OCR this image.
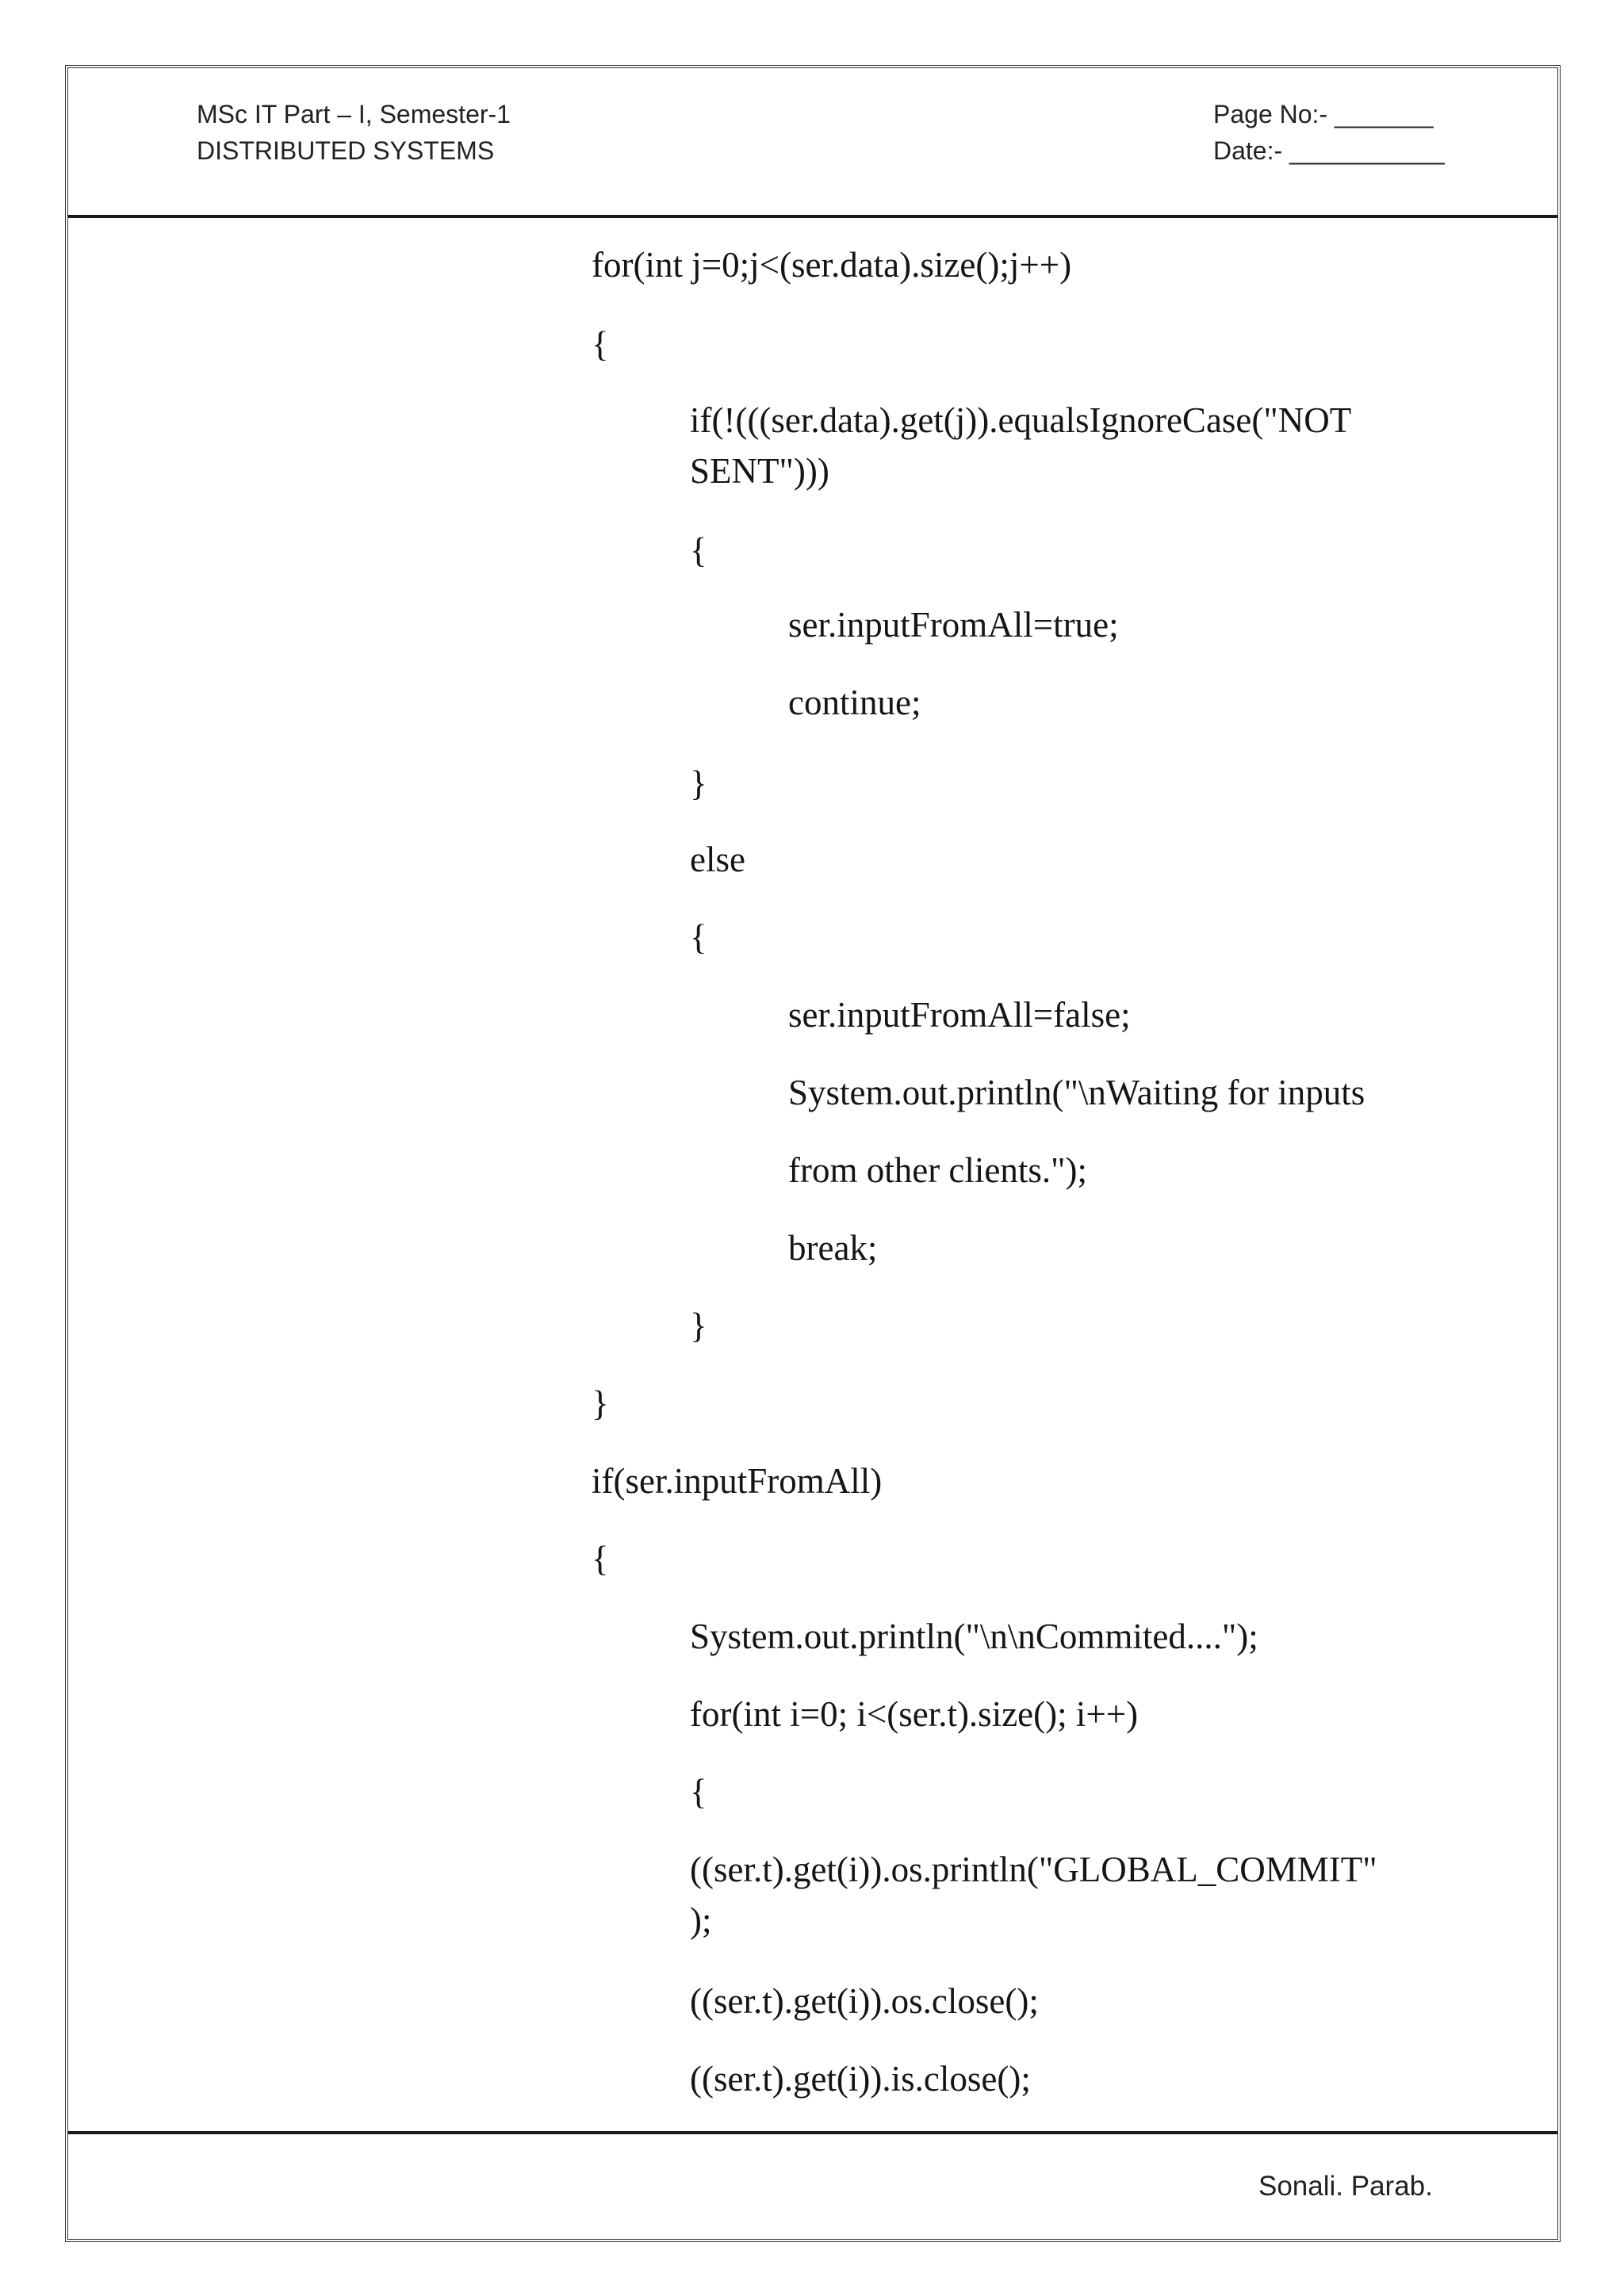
MSc IT Part – I, Semester-1
DISTRIBUTED SYSTEMS
Page No:- _______
Date:- ___________
for(int j=0;j<(ser.data).size();j++)
{
if(!(((ser.data).get(j)).equalsIgnoreCase("NOT
SENT")))
{
ser.inputFromAll=true;
continue;
}
else
{
ser.inputFromAll=false;
System.out.println("\nWaiting for inputs
from other clients.");
break;
}
}
if(ser.inputFromAll)
{
System.out.println("\n\nCommited....");
for(int i=0; i<(ser.t).size(); i++)
{
((ser.t).get(i)).os.println("GLOBAL_COMMIT"
);
((ser.t).get(i)).os.close();
((ser.t).get(i)).is.close();
Sonali. Parab.
